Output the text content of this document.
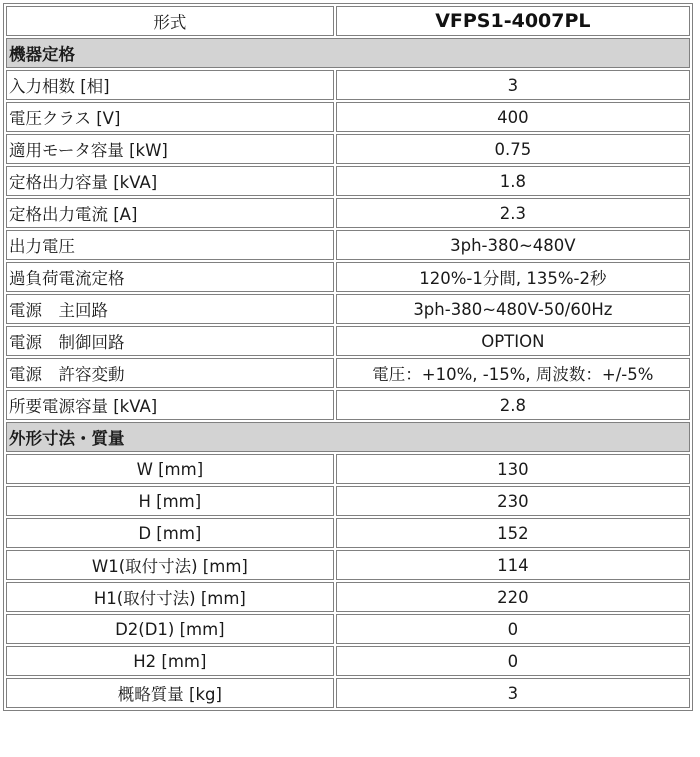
形式	VFPS1-4007PL
機器定格	
入力相数 [相]	3
電圧クラス [V]	400
適用モータ容量 [kW]	0.75
定格出力容量 [kVA]	1.8
定格出力電流 [A]	2.3
出力電圧	3ph-380~480V
過負荷電流定格	120%-1分間, 135%-2秒
電源　主回路	3ph-380~480V-50/60Hz
電源　制御回路	OPTION
電源　許容変動	電圧：+10%, -15%, 周波数：+/-5%
所要電源容量 [kVA]	2.8
外形寸法・質量	
W [mm]	130
H [mm]	230
D [mm]	152
W1(取付寸法) [mm]	114
H1(取付寸法) [mm]	220
D2(D1) [mm]	0
H2 [mm]	0
概略質量 [kg]	3
